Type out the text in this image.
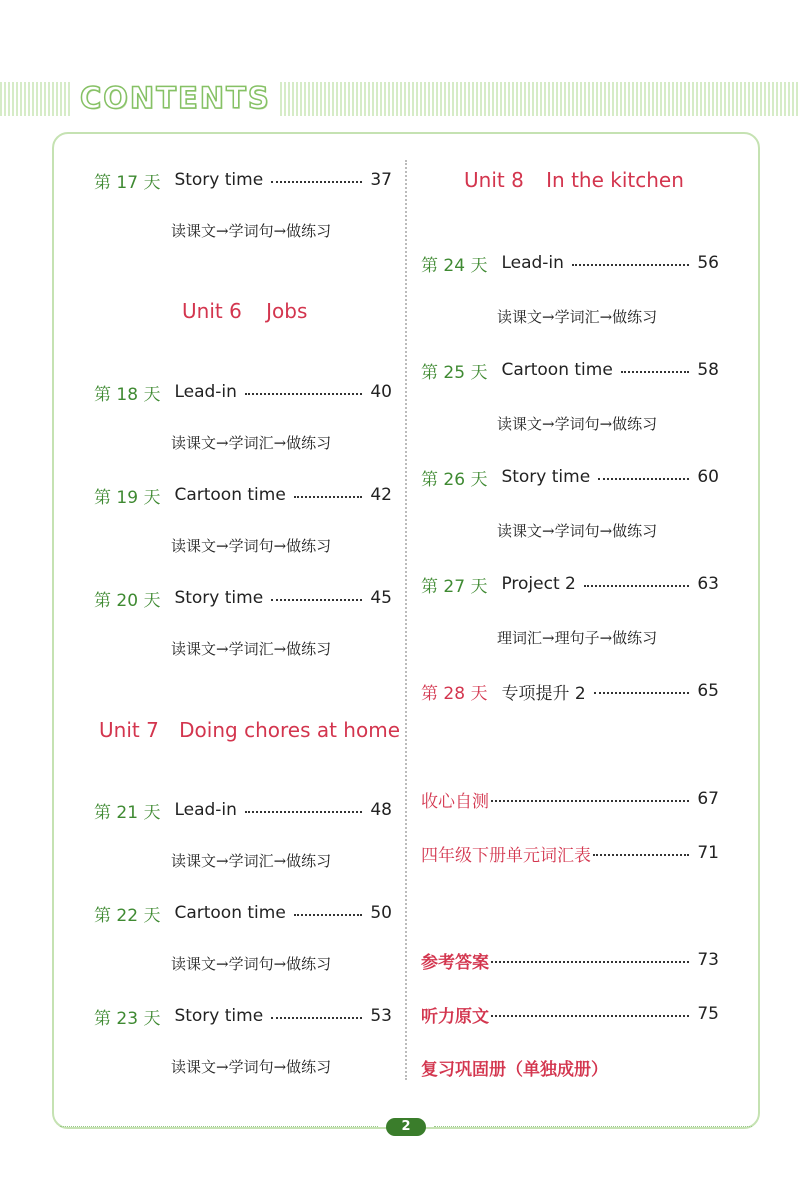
CONTENTS
第 17 天 Story time	37
读课文→学词句→做练习
Unit 6 Jobs
第 18 天 Lead-in	40
读课文→学词汇→做练习
第 19 天 Cartoon time	42
读课文→学词句→做练习
第 20 天 Story time	45
读课文→学词汇→做练习
Unit 7 Doing chores at home
第 21 天 Lead-in	48
读课文→学词汇→做练习
第 22 天 Cartoon time	50
读课文→学词句→做练习
第 23 天 Story time	53
读课文→学词句→做练习
Unit 8 In the kitchen
第 24 天 Lead-in	56
读课文→学词汇→做练习
第 25 天 Cartoon time	58
读课文→学词句→做练习
第 26 天 Story time	60
读课文→学词句→做练习
第 27 天 Project 2	63
理词汇→理句子→做练习
第 28 天 专项提升 2	65
收心自测	67
四年级下册单元词汇表	71
参考答案	73
听力原文	75
复习巩固册（单独成册）
2
